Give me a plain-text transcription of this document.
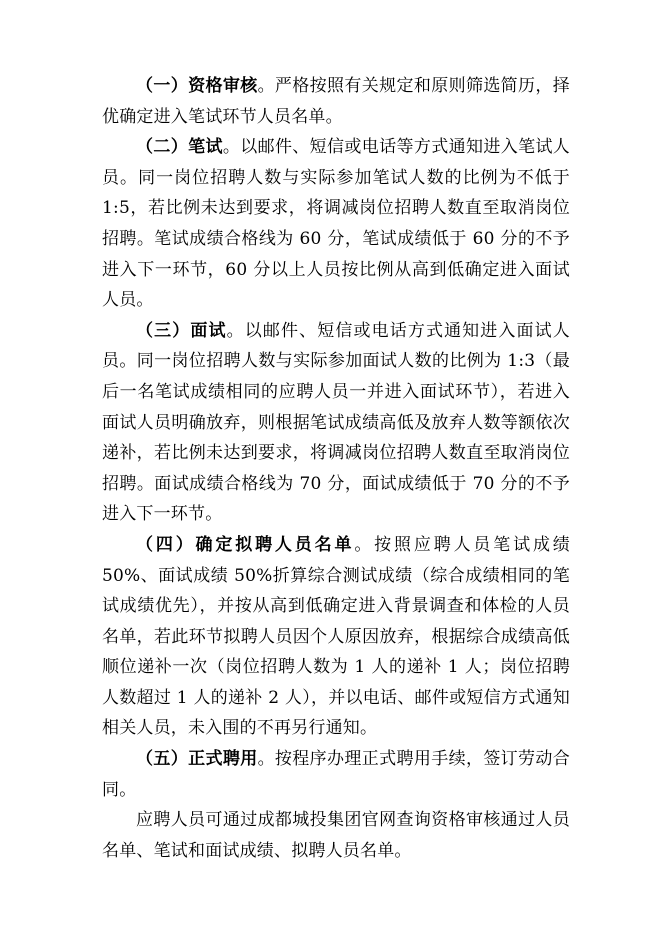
（一）资格审核。严格按照有关规定和原则筛选简历，择优确定进入笔试环节人员名单。

（二）笔试。以邮件、短信或电话等方式通知进入笔试人员。同一岗位招聘人数与实际参加笔试人数的比例为不低于 1:5，若比例未达到要求，将调减岗位招聘人数直至取消岗位招聘。笔试成绩合格线为 60 分，笔试成绩低于 60 分的不予进入下一环节，60 分以上人员按比例从高到低确定进入面试人员。

（三）面试。以邮件、短信或电话方式通知进入面试人员。同一岗位招聘人数与实际参加面试人数的比例为 1:3（最后一名笔试成绩相同的应聘人员一并进入面试环节），若进入面试人员明确放弃，则根据笔试成绩高低及放弃人数等额依次递补，若比例未达到要求，将调减岗位招聘人数直至取消岗位招聘。面试成绩合格线为 70 分，面试成绩低于 70 分的不予进入下一环节。

（四）确定拟聘人员名单。按照应聘人员笔试成绩 50%、面试成绩 50%折算综合测试成绩（综合成绩相同的笔试成绩优先），并按从高到低确定进入背景调查和体检的人员名单，若此环节拟聘人员因个人原因放弃，根据综合成绩高低顺位递补一次（岗位招聘人数为 1 人的递补 1 人；岗位招聘人数超过 1 人的递补 2 人），并以电话、邮件或短信方式通知相关人员，未入围的不再另行通知。

（五）正式聘用。按程序办理正式聘用手续，签订劳动合同。

应聘人员可通过成都城投集团官网查询资格审核通过人员名单、笔试和面试成绩、拟聘人员名单。
